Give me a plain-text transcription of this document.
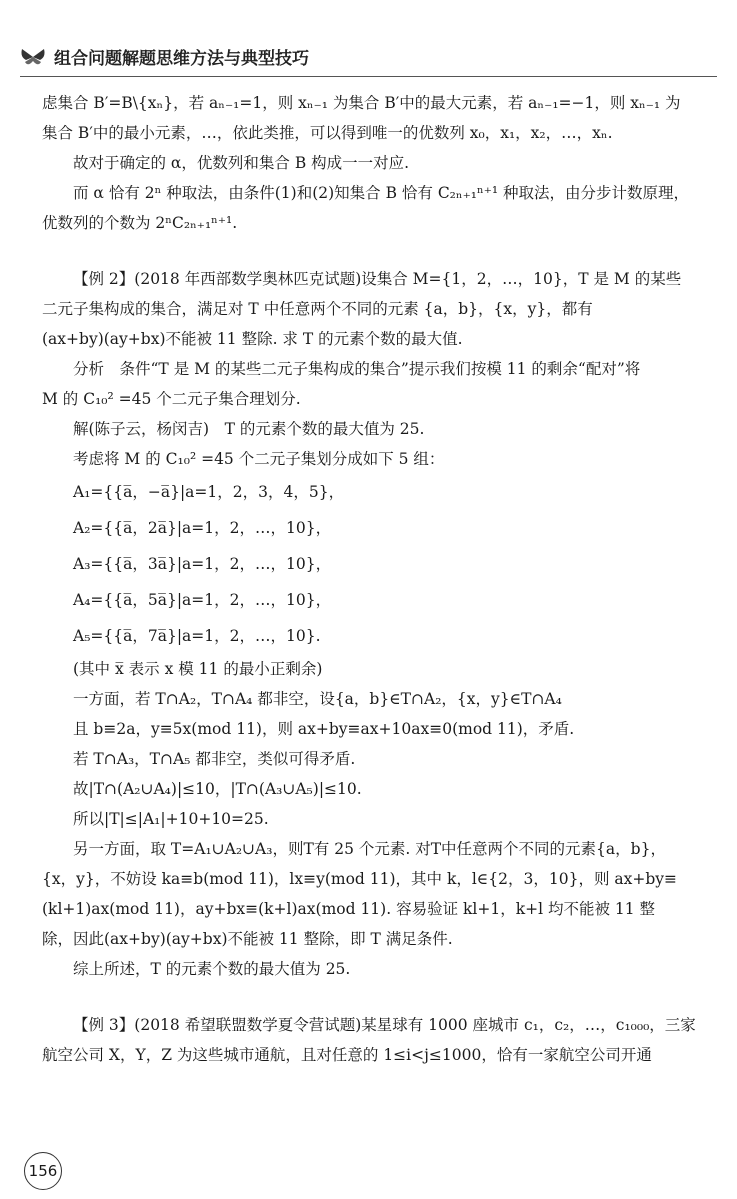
组合问题解题思维方法与典型技巧

虑集合 B′=B\{xₙ}，若 aₙ₋₁=1，则 xₙ₋₁ 为集合 B′中的最大元素，若 aₙ₋₁=−1，则 xₙ₋₁ 为

集合 B′中的最小元素，…，依此类推，可以得到唯一的优数列 x₀，x₁，x₂，…，xₙ.

故对于确定的 α，优数列和集合 B 构成一一对应.

而 α 恰有 2ⁿ 种取法，由条件(1)和(2)知集合 B 恰有 C₂ₙ₊₁ⁿ⁺¹ 种取法，由分步计数原理，

优数列的个数为 2ⁿC₂ₙ₊₁ⁿ⁺¹.

【例 2】(2018 年西部数学奥林匹克试题)设集合 M={1，2，…，10}，T 是 M 的某些

二元子集构成的集合，满足对 T 中任意两个不同的元素 {a，b}，{x，y}，都有

(ax+by)(ay+bx)不能被 11 整除. 求 T 的元素个数的最大值.

分析　条件“T 是 M 的某些二元子集构成的集合”提示我们按模 11 的剩余“配对”将

M 的 C₁₀² =45 个二元子集合理划分.

解(陈子云，杨闵吉)　T 的元素个数的最大值为 25.

考虑将 M 的 C₁₀² =45 个二元子集划分成如下 5 组：

A₁={{a̅，−a̅}|a=1，2，3，4，5}，

A₂={{a̅，2a̅}|a=1，2，…，10}，

A₃={{a̅，3a̅}|a=1，2，…，10}，

A₄={{a̅，5a̅}|a=1，2，…，10}，

A₅={{a̅，7a̅}|a=1，2，…，10}.

(其中 x̅ 表示 x 模 11 的最小正剩余)

一方面，若 T∩A₂，T∩A₄ 都非空，设{a，b}∈T∩A₂，{x，y}∈T∩A₄

且 b≡2a，y≡5x(mod 11)，则 ax+by≡ax+10ax≡0(mod 11)，矛盾.

若 T∩A₃，T∩A₅ 都非空，类似可得矛盾.

故|T∩(A₂∪A₄)|≤10，|T∩(A₃∪A₅)|≤10.

所以|T|≤|A₁|+10+10=25.

另一方面，取 T=A₁∪A₂∪A₃，则T有 25 个元素. 对T中任意两个不同的元素{a，b}，

{x，y}，不妨设 ka≡b(mod 11)，lx≡y(mod 11)，其中 k，l∈{2，3，10}，则 ax+by≡

(kl+1)ax(mod 11)，ay+bx≡(k+l)ax(mod 11). 容易验证 kl+1，k+l 均不能被 11 整

除，因此(ax+by)(ay+bx)不能被 11 整除，即 T 满足条件.

综上所述，T 的元素个数的最大值为 25.

【例 3】(2018 希望联盟数学夏令营试题)某星球有 1000 座城市 c₁，c₂，…，c₁₀₀₀，三家

航空公司 X，Y，Z 为这些城市通航，且对任意的 1≤i<j≤1000，恰有一家航空公司开通

156
